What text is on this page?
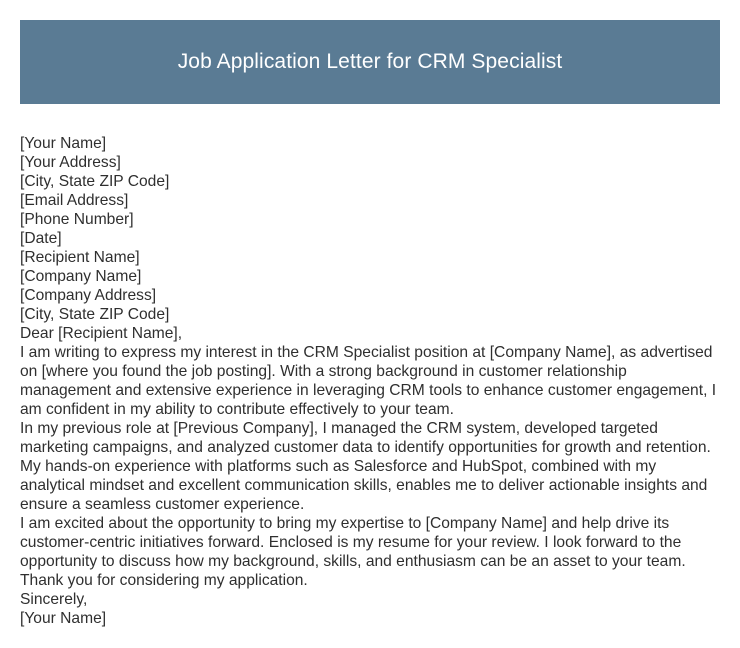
Job Application Letter for CRM Specialist
[Your Name]
[Your Address]
[City, State ZIP Code]
[Email Address]
[Phone Number]
[Date]
[Recipient Name]
[Company Name]
[Company Address]
[City, State ZIP Code]
Dear [Recipient Name],

I am writing to express my interest in the CRM Specialist position at [Company Name], as advertised on [where you found the job posting]. With a strong background in customer relationship management and extensive experience in leveraging CRM tools to enhance customer engagement, I am confident in my ability to contribute effectively to your team.

In my previous role at [Previous Company], I managed the CRM system, developed targeted marketing campaigns, and analyzed customer data to identify opportunities for growth and retention. My hands-on experience with platforms such as Salesforce and HubSpot, combined with my analytical mindset and excellent communication skills, enables me to deliver actionable insights and ensure a seamless customer experience.

I am excited about the opportunity to bring my expertise to [Company Name] and help drive its customer-centric initiatives forward. Enclosed is my resume for your review. I look forward to the opportunity to discuss how my background, skills, and enthusiasm can be an asset to your team.

Thank you for considering my application.
Sincerely,
[Your Name]
